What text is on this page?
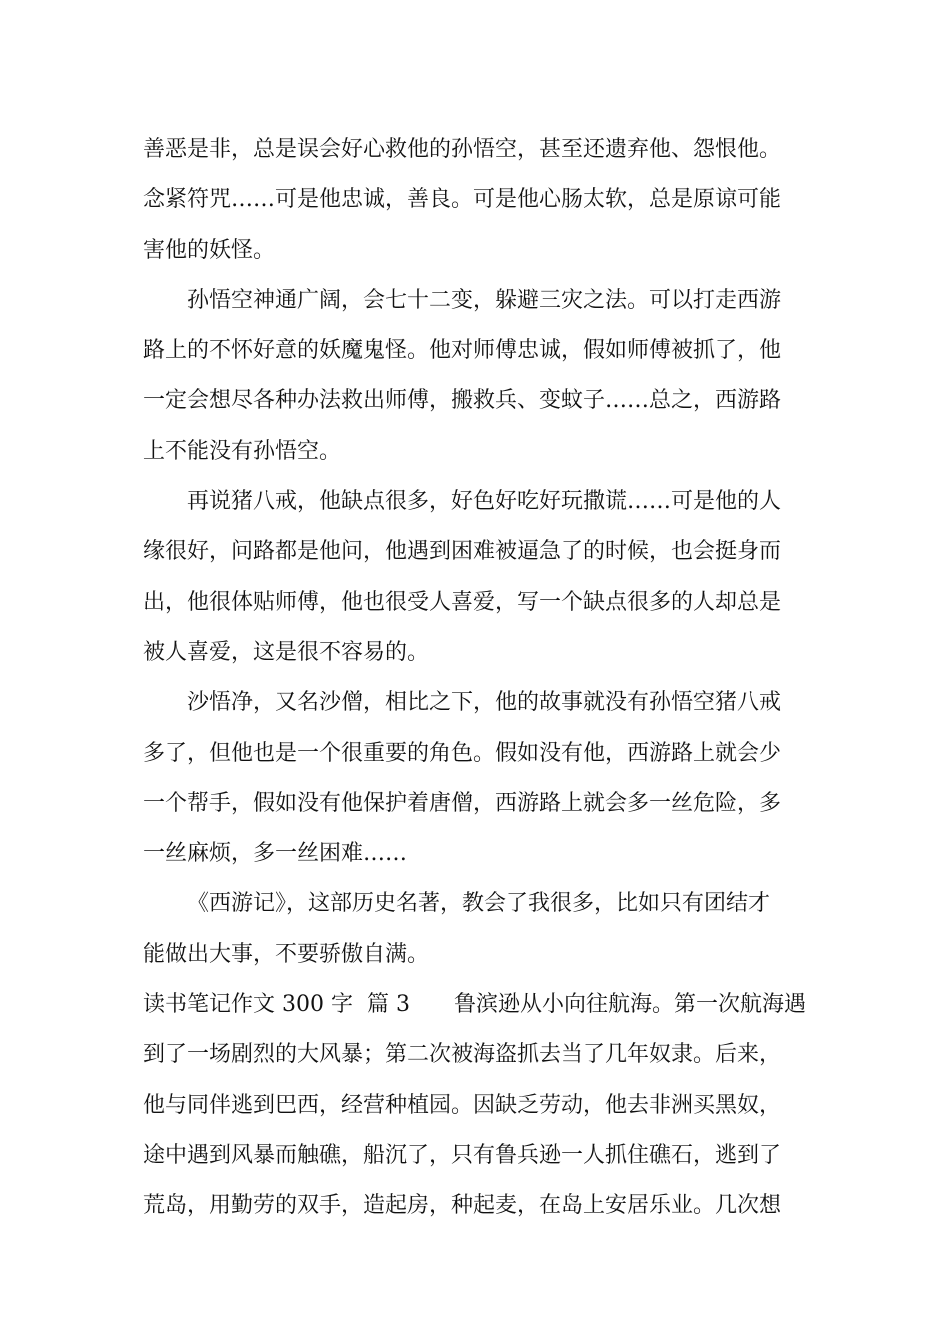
善恶是非，总是误会好心救他的孙悟空，甚至还遗弃他、怨恨他。
念紧符咒……可是他忠诚，善良。可是他心肠太软，总是原谅可能
害他的妖怪。

孙悟空神通广阔，会七十二变，躲避三灾之法。可以打走西游
路上的不怀好意的妖魔鬼怪。他对师傅忠诚，假如师傅被抓了，他
一定会想尽各种办法救出师傅，搬救兵、变蚊子……总之，西游路
上不能没有孙悟空。

再说猪八戒，他缺点很多，好色好吃好玩撒谎……可是他的人
缘很好，问路都是他问，他遇到困难被逼急了的时候，也会挺身而
出，他很体贴师傅，他也很受人喜爱，写一个缺点很多的人却总是
被人喜爱，这是很不容易的。

沙悟净，又名沙僧，相比之下，他的故事就没有孙悟空猪八戒
多了，但他也是一个很重要的角色。假如没有他，西游路上就会少
一个帮手，假如没有他保护着唐僧，西游路上就会多一丝危险，多
一丝麻烦，多一丝困难……

《西游记》，这部历史名著，教会了我很多，比如只有团结才
能做出大事，不要骄傲自满。

读书笔记作文 300 字  篇 3　　鲁滨逊从小向往航海。第一次航海遇
到了一场剧烈的大风暴；第二次被海盗抓去当了几年奴隶。后来，
他与同伴逃到巴西，经营种植园。因缺乏劳动，他去非洲买黑奴，
途中遇到风暴而触礁，船沉了，只有鲁兵逊一人抓住礁石，逃到了
荒岛，用勤劳的双手，造起房，种起麦，在岛上安居乐业。几次想
